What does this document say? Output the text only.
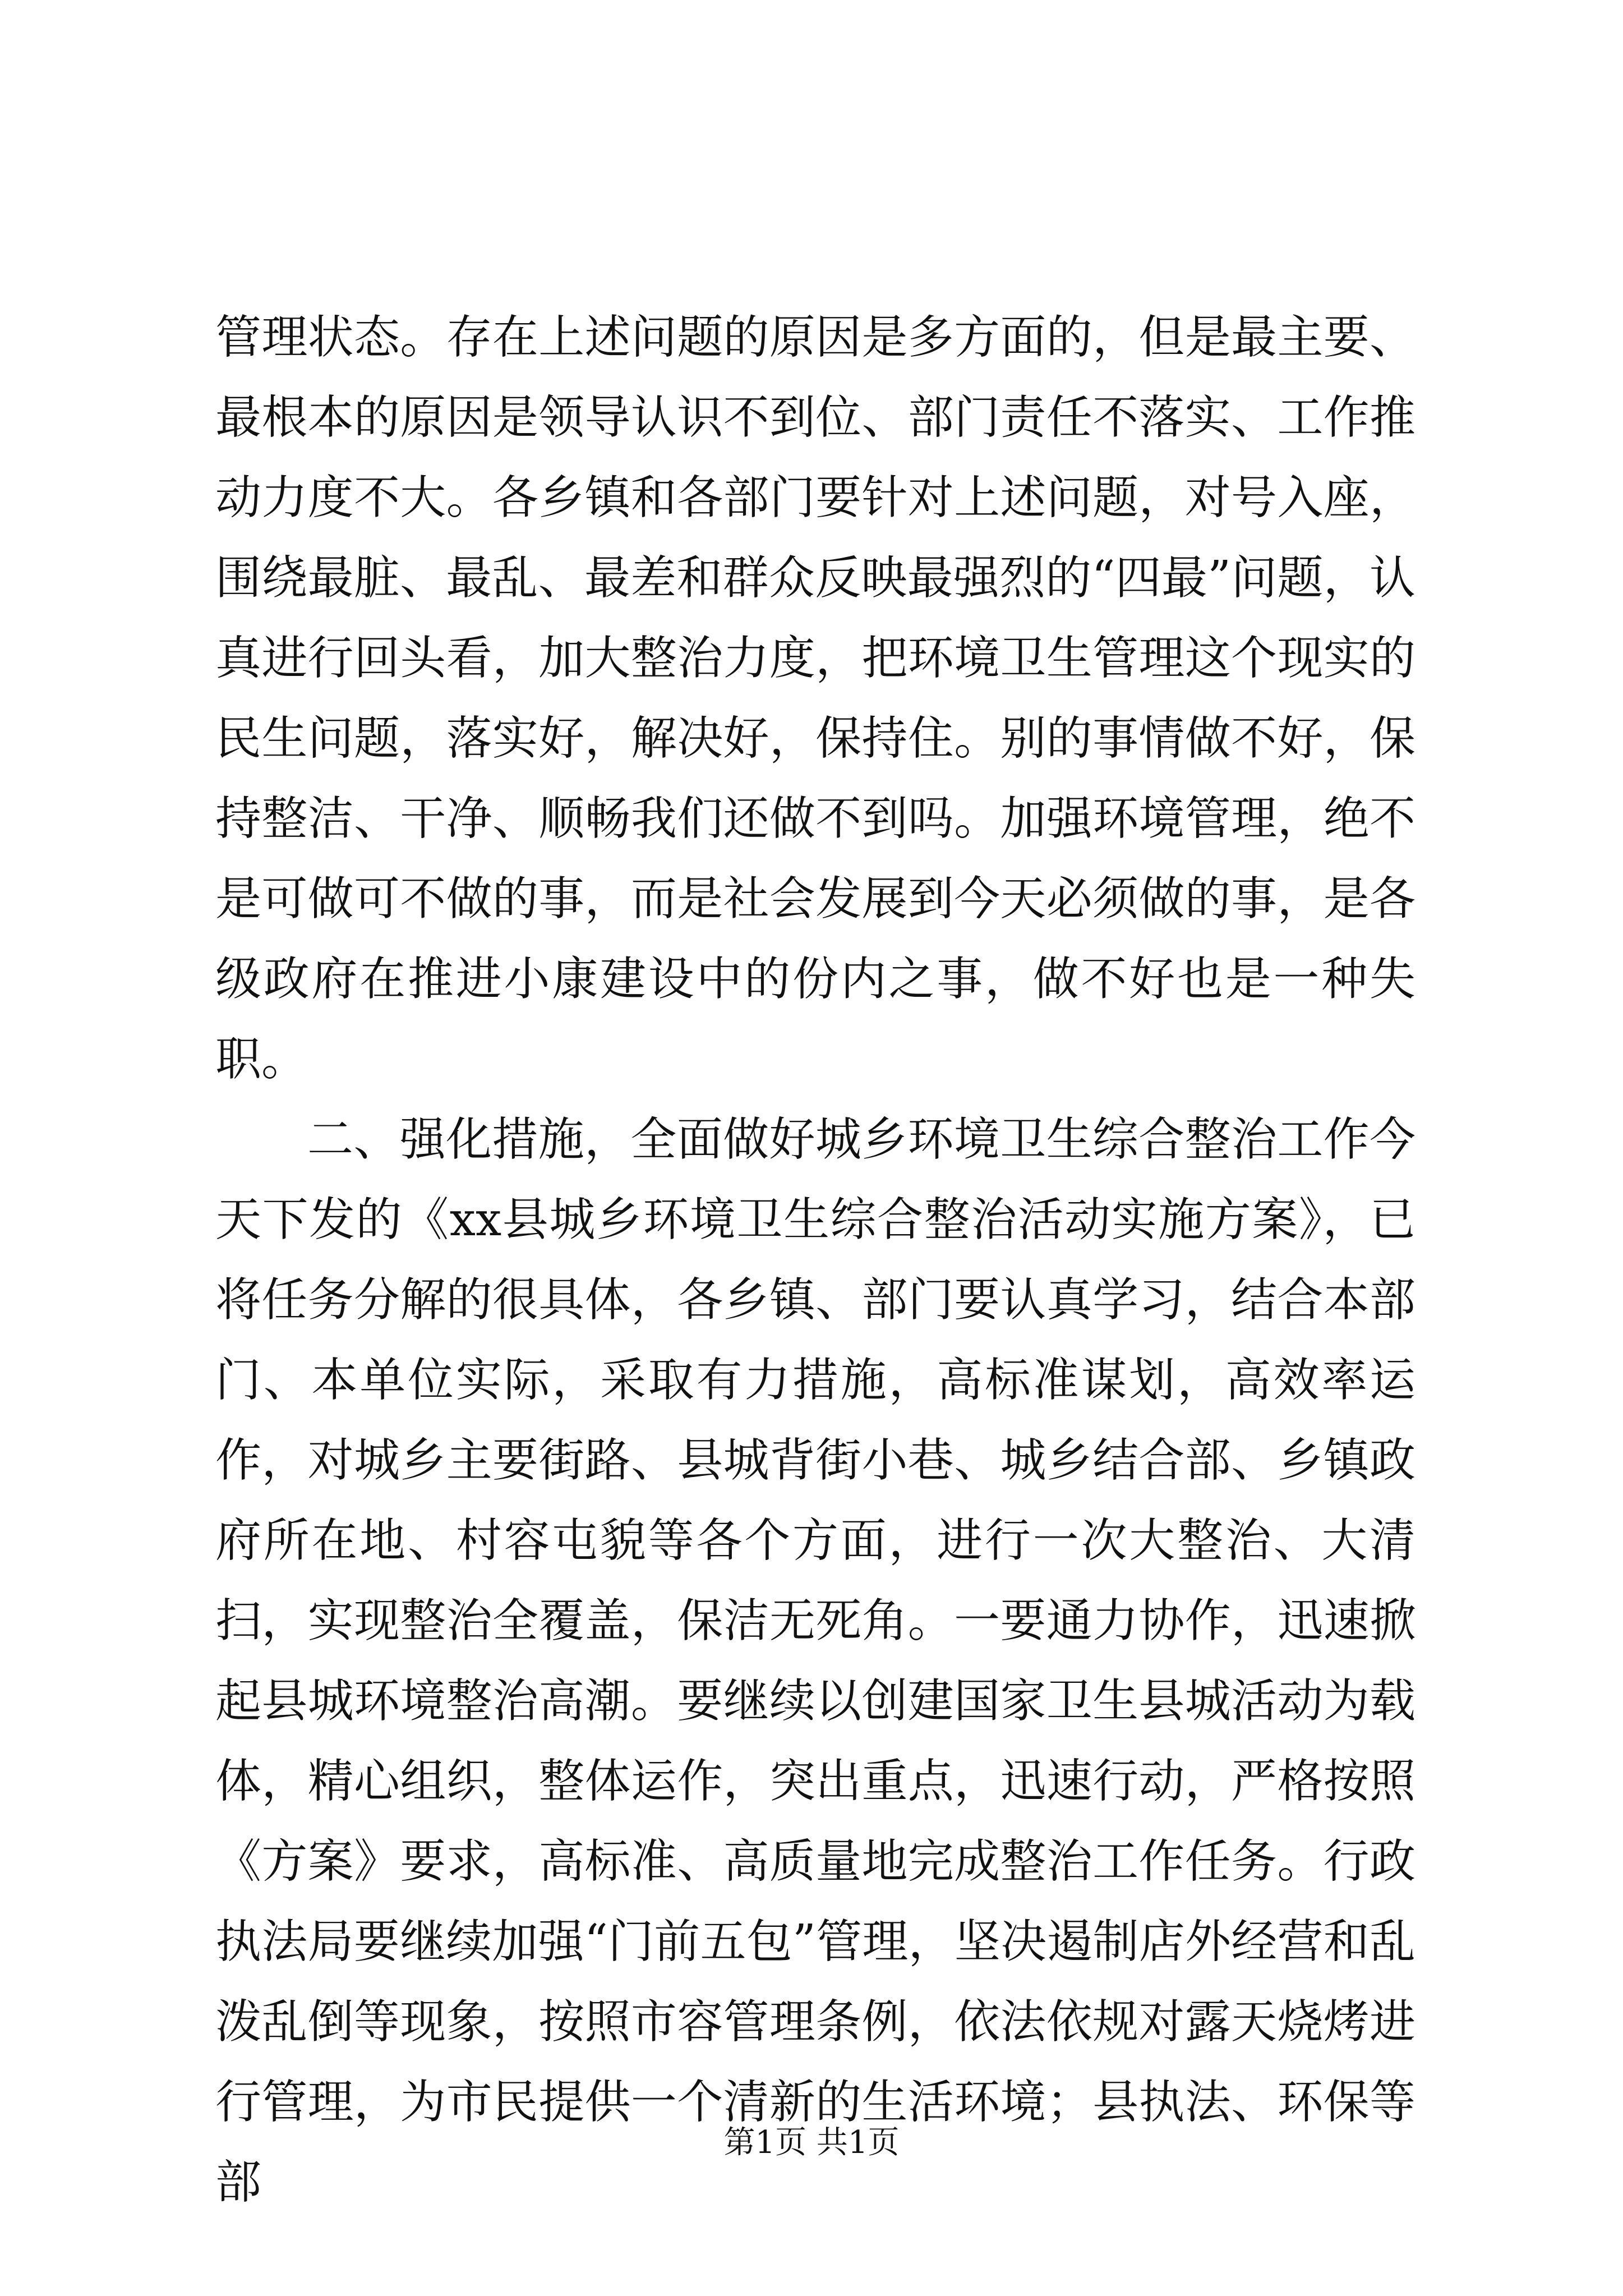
管理状态。存在上述问题的原因是多方面的，但是最主要、最根本的原因是领导认识不到位、部门责任不落实、工作推动力度不大。各乡镇和各部门要针对上述问题，对号入座，围绕最脏、最乱、最差和群众反映最强烈的“四最”问题，认真进行回头看，加大整治力度，把环境卫生管理这个现实的民生问题，落实好，解决好，保持住。别的事情做不好，保持整洁、干净、顺畅我们还做不到吗。加强环境管理，绝不是可做可不做的事，而是社会发展到今天必须做的事，是各级政府在推进小康建设中的份内之事，做不好也是一种失职。

二、强化措施，全面做好城乡环境卫生综合整治工作今天下发的《xx县城乡环境卫生综合整治活动实施方案》，已将任务分解的很具体，各乡镇、部门要认真学习，结合本部门、本单位实际，采取有力措施，高标准谋划，高效率运作，对城乡主要街路、县城背街小巷、城乡结合部、乡镇政府所在地、村容屯貌等各个方面，进行一次大整治、大清扫，实现整治全覆盖，保洁无死角。一要通力协作，迅速掀起县城环境整治高潮。要继续以创建国家卫生县城活动为载体，精心组织，整体运作，突出重点，迅速行动，严格按照《方案》要求，高标准、高质量地完成整治工作任务。行政执法局要继续加强“门前五包”管理，坚决遏制店外经营和乱泼乱倒等现象，按照市容管理条例，依法依规对露天烧烤进行管理，为市民提供一个清新的生活环境；县执法、环保等部

第1页 共1页
